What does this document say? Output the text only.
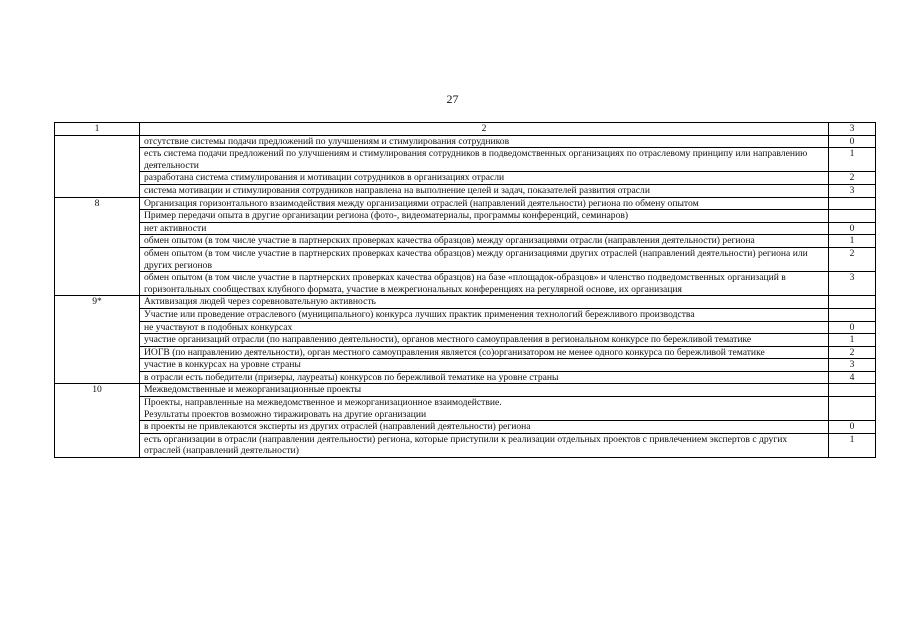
27
1	2	3
	отсутствие системы подачи предложений по улучшениям и стимулирования сотрудников	0
	есть система подачи предложений по улучшениям и стимулирования сотрудников в подведомственных организациях по отраслевому принципу или направлению деятельности	1
	разработана система стимулирования и мотивации сотрудников в организациях отрасли	2
	система мотивации и стимулирования сотрудников направлена на выполнение целей и задач, показателей развития отрасли	3
8	Организация горизонтального взаимодействия между организациями отраслей (направлений деятельности) региона по обмену опытом	
	Пример передачи опыта в другие организации региона (фото-, видеоматериалы, программы конференций, семинаров)	
	нет активности	0
	обмен опытом (в том числе участие в партнерских проверках качества образцов) между организациями отрасли (направления деятельности) региона	1
	обмен опытом (в том числе участие в партнерских проверках качества образцов) между организациями других отраслей (направлений деятельности) региона или других регионов	2
	обмен опытом (в том числе участие в партнерских проверках качества образцов) на базе «площадок-образцов» и членство подведомственных организаций в горизонтальных сообществах клубного формата, участие в межрегиональных конференциях на регулярной основе, их организация	3
9*	Активизация людей через соревновательную активность	
	Участие или проведение отраслевого (муниципального) конкурса лучших практик применения технологий бережливого производства	
	не участвуют в подобных конкурсах	0
	участие организаций отрасли (по направлению деятельности), органов местного самоуправления в региональном конкурсе по бережливой тематике	1
	ИОГВ (по направлению деятельности), орган местного самоуправления является (со)организатором не менее одного конкурса по бережливой тематике	2
	участие в конкурсах на уровне страны	3
	в отрасли есть победители (призеры, лауреаты) конкурсов по бережливой тематике на уровне страны	4
10	Межведомственные и межорганизационные проекты	
	Проекты, направленные на межведомственное и межорганизационное взаимодействие.
Результаты проектов возможно тиражировать на другие организации	
	в проекты не привлекаются эксперты из других отраслей (направлений деятельности) региона	0
	есть организации в отрасли (направлении деятельности) региона, которые приступили к реализации отдельных проектов с привлечением экспертов с других отраслей (направлений деятельности)	1
